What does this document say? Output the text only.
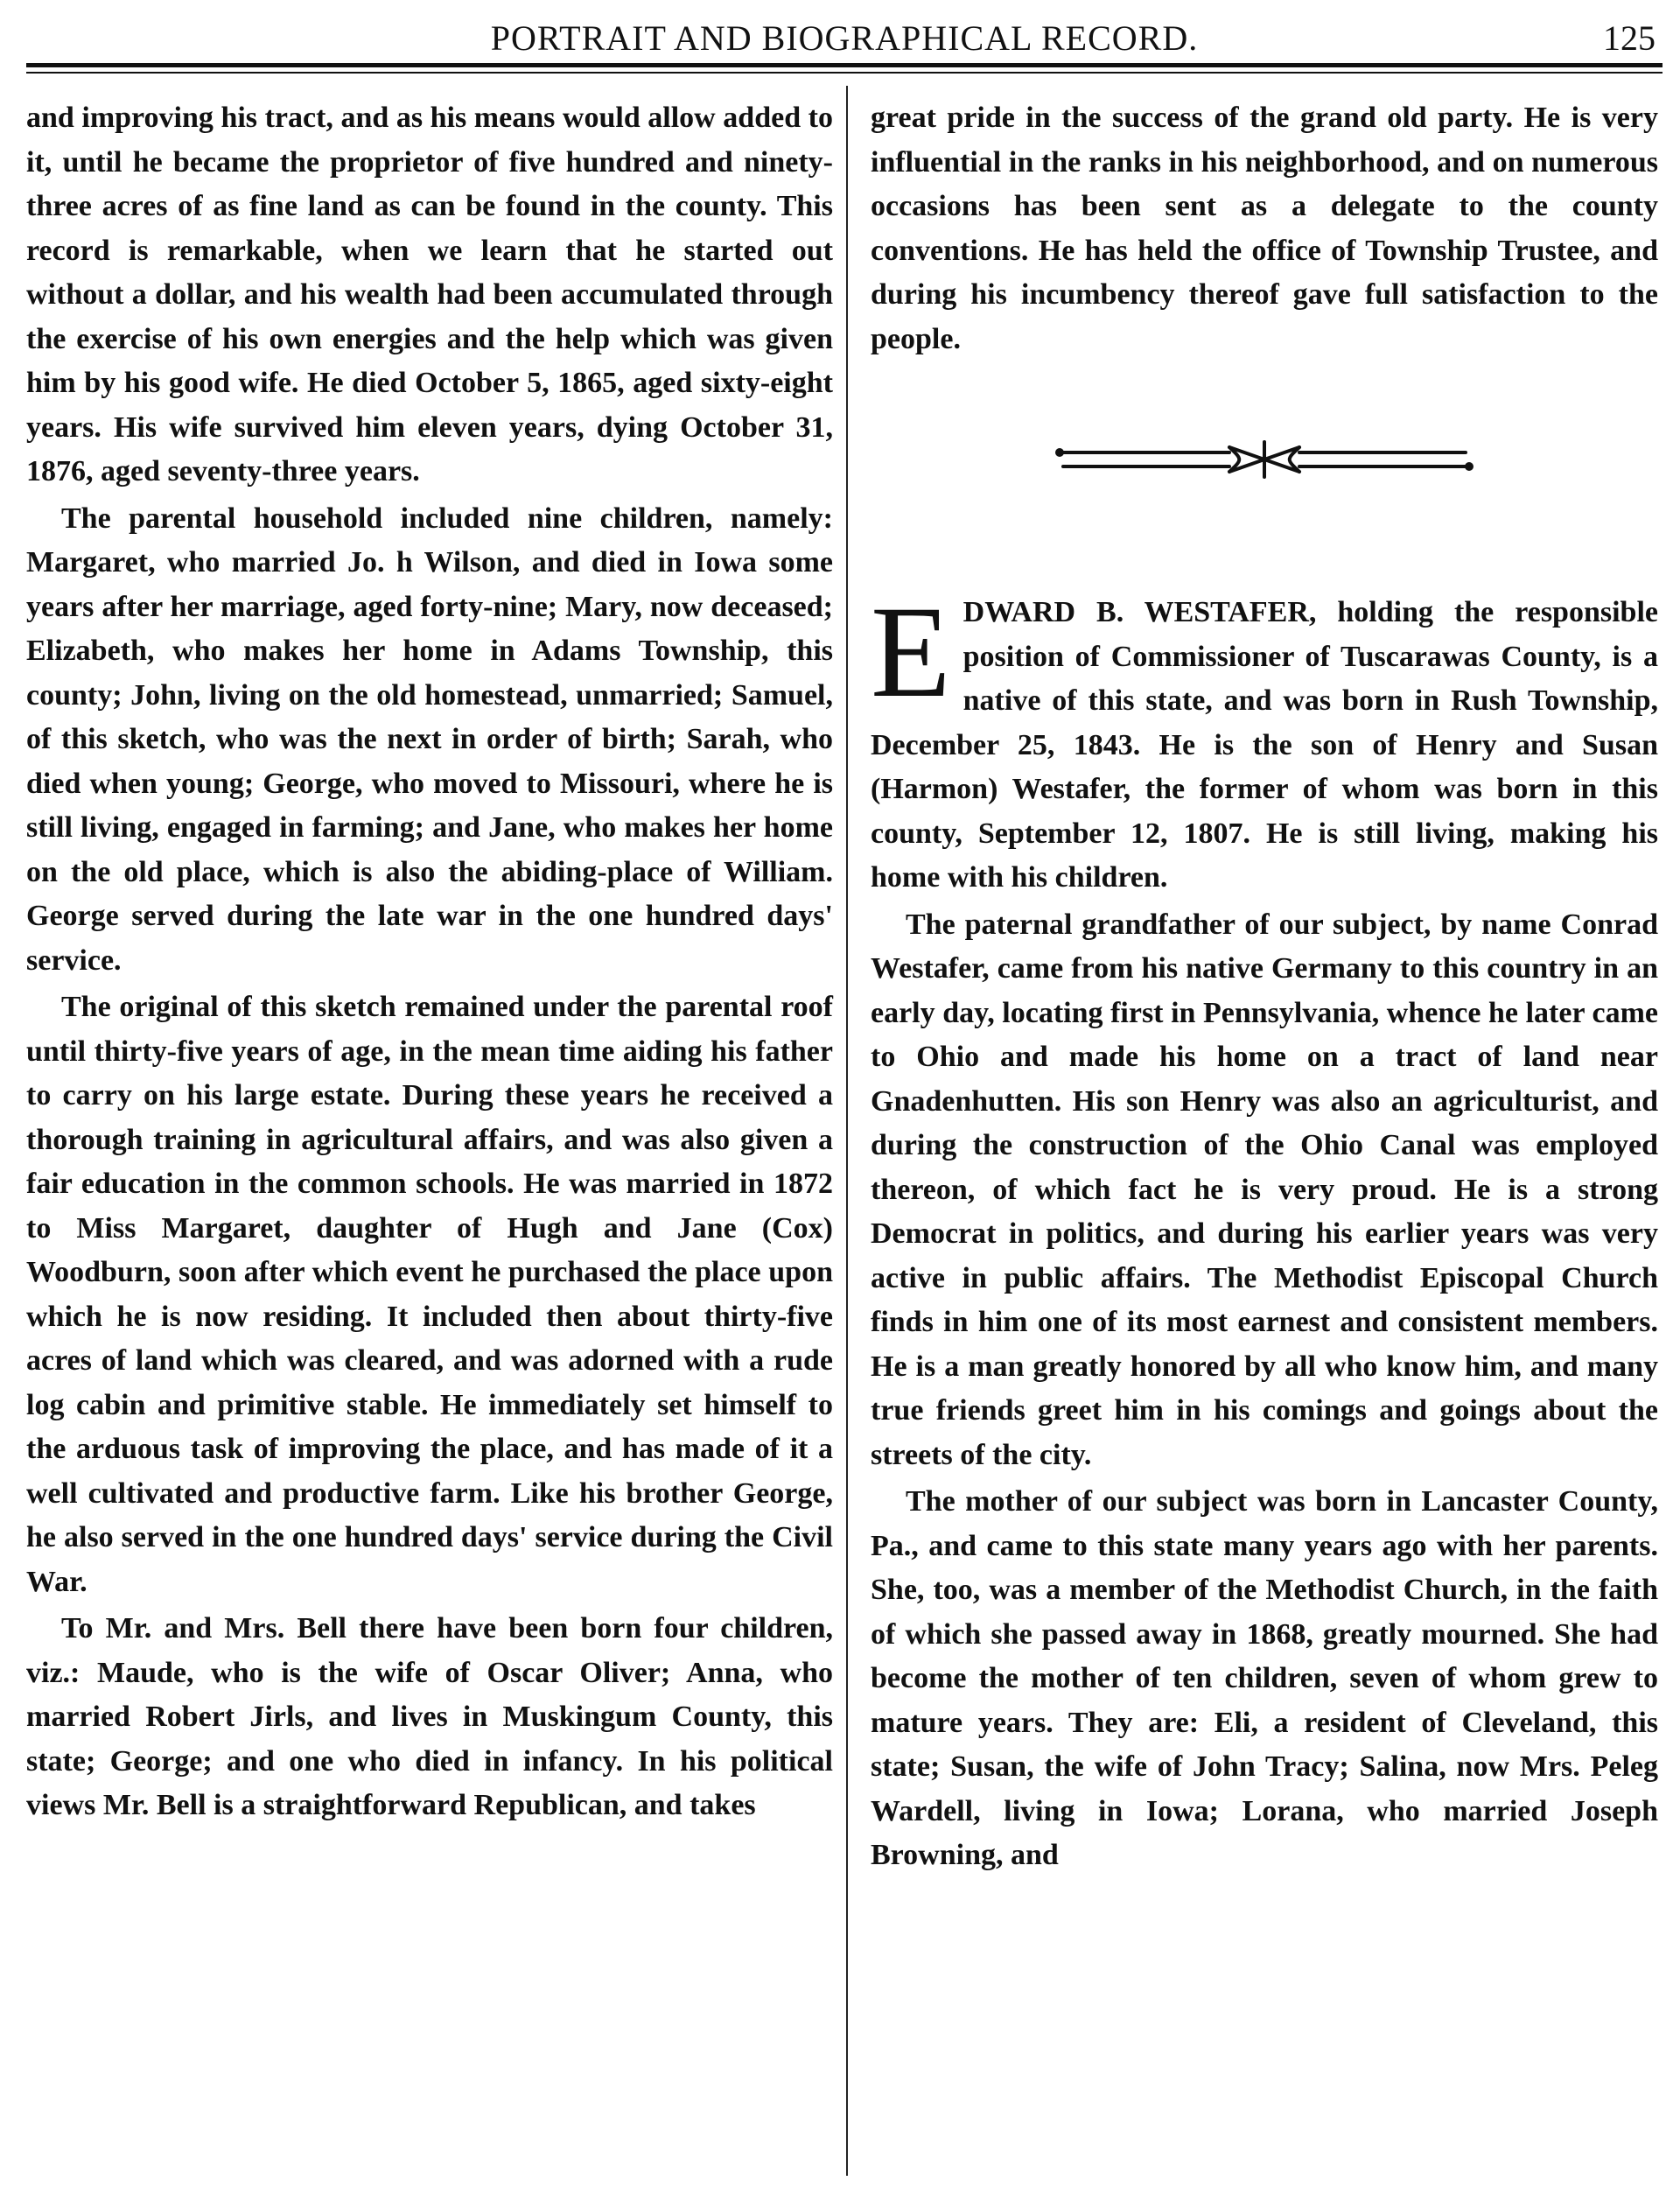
PORTRAIT AND BIOGRAPHICAL RECORD.	125

and improving his tract, and as his means would allow added to it, until he became the proprietor of five hundred and ninety-three acres of as fine land as can be found in the county. This record is remarkable, when we learn that he started out without a dollar, and his wealth had been accumulated through the exercise of his own energies and the help which was given him by his good wife. He died October 5, 1865, aged sixty-eight years. His wife survived him eleven years, dying October 31, 1876, aged seventy-three years.

The parental household included nine children, namely: Margaret, who married Jo. h Wilson, and died in Iowa some years after her marriage, aged forty-nine; Mary, now deceased; Elizabeth, who makes her home in Adams Township, this county; John, living on the old homestead, unmarried; Samuel, of this sketch, who was the next in order of birth; Sarah, who died when young; George, who moved to Missouri, where he is still living, engaged in farming; and Jane, who makes her home on the old place, which is also the abiding-place of William. George served during the late war in the one hundred days' service.

The original of this sketch remained under the parental roof until thirty-five years of age, in the mean time aiding his father to carry on his large estate. During these years he received a thorough training in agricultural affairs, and was also given a fair education in the common schools. He was married in 1872 to Miss Margaret, daughter of Hugh and Jane (Cox) Woodburn, soon after which event he purchased the place upon which he is now residing. It included then about thirty-five acres of land which was cleared, and was adorned with a rude log cabin and primitive stable. He immediately set himself to the arduous task of improving the place, and has made of it a well cultivated and productive farm. Like his brother George, he also served in the one hundred days' service during the Civil War.

To Mr. and Mrs. Bell there have been born four children, viz.: Maude, who is the wife of Oscar Oliver; Anna, who married Robert Jirls, and lives in Muskingum County, this state; George; and one who died in infancy. In his political views Mr. Bell is a straightforward Republican, and takes

great pride in the success of the grand old party. He is very influential in the ranks in his neighborhood, and on numerous occasions has been sent as a delegate to the county conventions. He has held the office of Township Trustee, and during his incumbency thereof gave full satisfaction to the people.

EDWARD B. WESTAFER, holding the responsible position of Commissioner of Tuscarawas County, is a native of this state, and was born in Rush Township, December 25, 1843. He is the son of Henry and Susan (Harmon) Westafer, the former of whom was born in this county, September 12, 1807. He is still living, making his home with his children.

The paternal grandfather of our subject, by name Conrad Westafer, came from his native Germany to this country in an early day, locating first in Pennsylvania, whence he later came to Ohio and made his home on a tract of land near Gnadenhutten. His son Henry was also an agriculturist, and during the construction of the Ohio Canal was employed thereon, of which fact he is very proud. He is a strong Democrat in politics, and during his earlier years was very active in public affairs. The Methodist Episcopal Church finds in him one of its most earnest and consistent members. He is a man greatly honored by all who know him, and many true friends greet him in his comings and goings about the streets of the city.

The mother of our subject was born in Lancaster County, Pa., and came to this state many years ago with her parents. She, too, was a member of the Methodist Church, in the faith of which she passed away in 1868, greatly mourned. She had become the mother of ten children, seven of whom grew to mature years. They are: Eli, a resident of Cleveland, this state; Susan, the wife of John Tracy; Salina, now Mrs. Peleg Wardell, living in Iowa; Lorana, who married Joseph Browning, and
